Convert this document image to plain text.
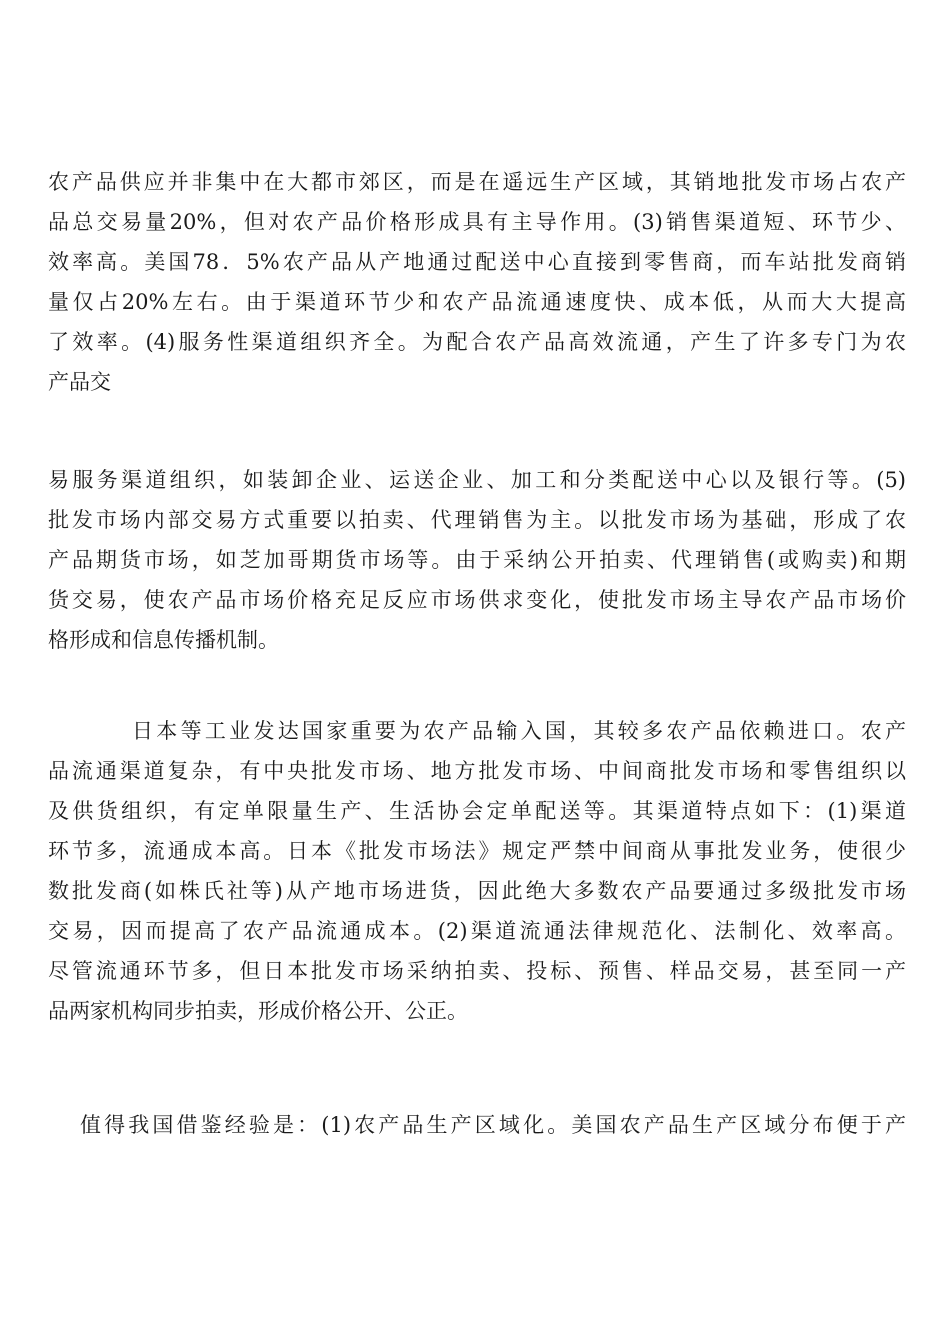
农产品供应并非集中在大都市郊区，而是在遥远生产区域，其销地批发市场占农产
品总交易量20%，但对农产品价格形成具有主导作用。(3)销售渠道短、环节少、
效率高。美国78．5%农产品从产地通过配送中心直接到零售商，而车站批发商销
量仅占20%左右。由于渠道环节少和农产品流通速度快、成本低，从而大大提高
了效率。(4)服务性渠道组织齐全。为配合农产品高效流通，产生了许多专门为农
产品交
易服务渠道组织，如装卸企业、运送企业、加工和分类配送中心以及银行等。(5)
批发市场内部交易方式重要以拍卖、代理销售为主。以批发市场为基础，形成了农
产品期货市场，如芝加哥期货市场等。由于采纳公开拍卖、代理销售(或购卖)和期
货交易，使农产品市场价格充足反应市场供求变化，使批发市场主导农产品市场价
格形成和信息传播机制。
日本等工业发达国家重要为农产品输入国，其较多农产品依赖进口。农产
品流通渠道复杂，有中央批发市场、地方批发市场、中间商批发市场和零售组织以
及供货组织，有定单限量生产、生活协会定单配送等。其渠道特点如下：(1)渠道
环节多，流通成本高。日本《批发市场法》规定严禁中间商从事批发业务，使很少
数批发商(如株氏社等)从产地市场进货，因此绝大多数农产品要通过多级批发市场
交易，因而提高了农产品流通成本。(2)渠道流通法律规范化、法制化、效率高。
尽管流通环节多，但日本批发市场采纳拍卖、投标、预售、样品交易，甚至同一产
品两家机构同步拍卖，形成价格公开、公正。
值得我国借鉴经验是：(1)农产品生产区域化。美国农产品生产区域分布便于产
